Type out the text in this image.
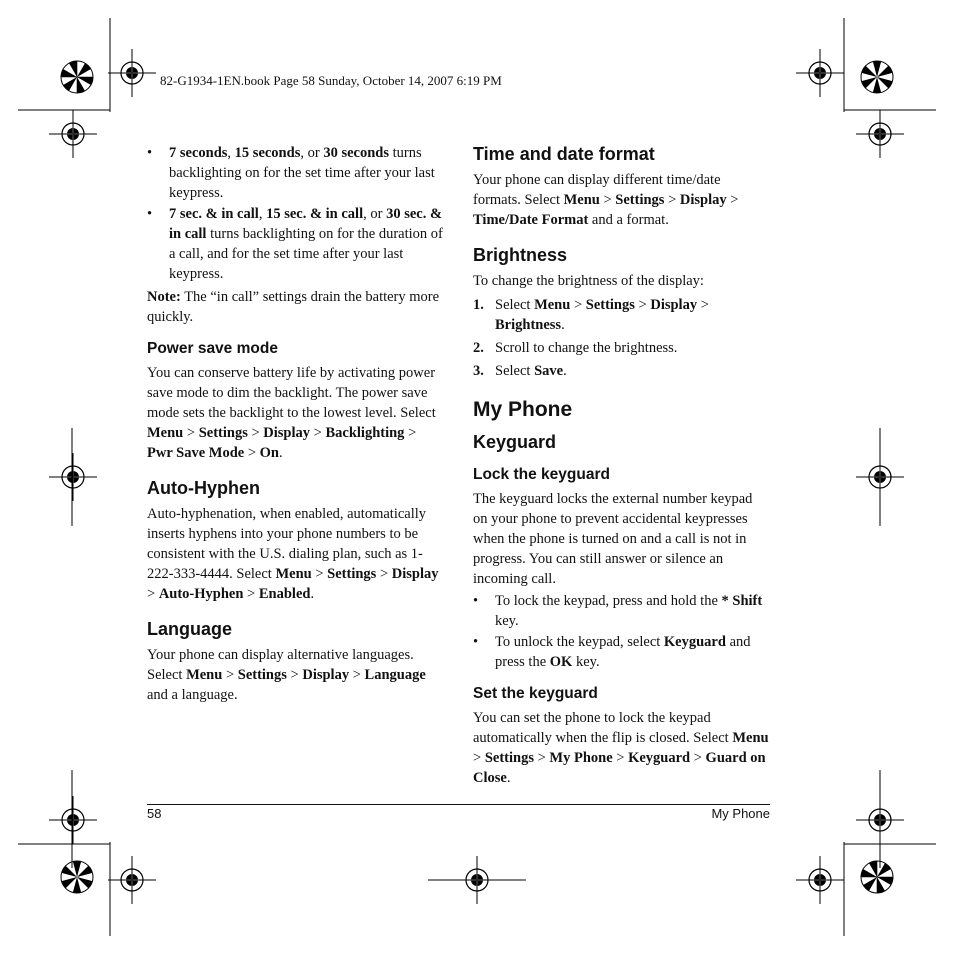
82-G1934-1EN.book Page 58 Sunday, October 14, 2007 6:19 PM
• 7 seconds, 15 seconds, or 30 seconds turns backlighting on for the set time after your last keypress.
• 7 sec. & in call, 15 sec. & in call, or 30 sec. & in call turns backlighting on for the duration of a call, and for the set time after your last keypress.

Note: The “in call” settings drain the battery more quickly.

Power save mode

You can conserve battery life by activating power save mode to dim the backlight. The power save mode sets the backlight to the lowest level. Select Menu > Settings > Display > Backlighting > Pwr Save Mode > On.

Auto-Hyphen

Auto-hyphenation, when enabled, automatically inserts hyphens into your phone numbers to be consistent with the U.S. dialing plan, such as 1-222-333-4444. Select Menu > Settings > Display > Auto-Hyphen > Enabled.

Language

Your phone can display alternative languages. Select Menu > Settings > Display > Language and a language.

Time and date format

Your phone can display different time/date formats. Select Menu > Settings > Display > Time/Date Format and a format.

Brightness

To change the brightness of the display:

1. Select Menu > Settings > Display > Brightness.
2. Scroll to change the brightness.
3. Select Save.
My Phone
Keyguard
Lock the keyguard

The keyguard locks the external number keypad on your phone to prevent accidental keypresses when the phone is turned on and a call is not in progress. You can still answer or silence an incoming call.

• To lock the keypad, press and hold the * Shift key.
• To unlock the keypad, select Keyguard and press the OK key.
Set the keyguard

You can set the phone to lock the keypad automatically when the flip is closed. Select Menu > Settings > My Phone > Keyguard > Guard on Close.

58	My Phone
